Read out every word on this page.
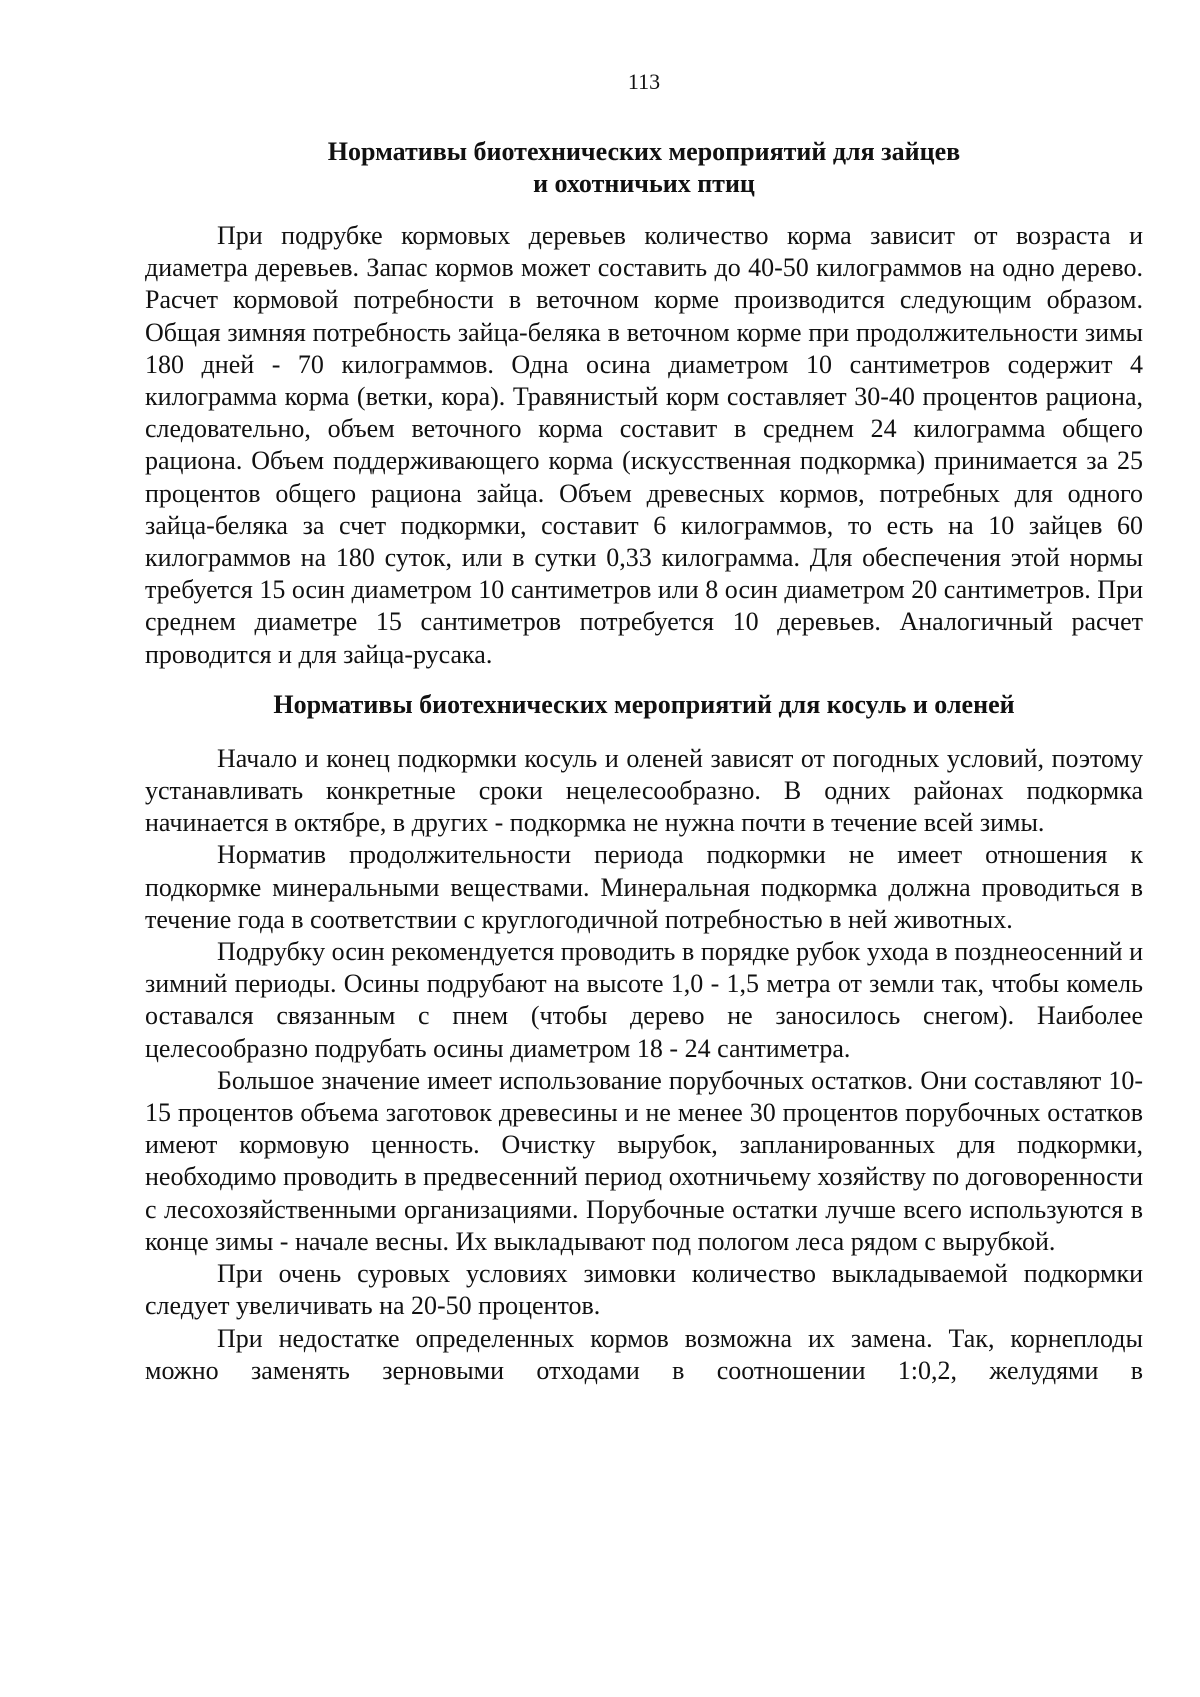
113
Нормативы биотехнических мероприятий для зайцев
и охотничьих птиц

При подрубке кормовых деревьев количество корма зависит от возраста и диаметра деревьев. Запас кормов может составить до 40-50 килограммов на одно дерево. Расчет кормовой потребности в веточном корме производится следующим образом. Общая зимняя потребность зайца-беляка в веточном корме при продолжительности зимы 180 дней - 70 килограммов. Одна осина диаметром 10 сантиметров содержит 4 килограмма корма (ветки, кора). Травянистый корм составляет 30-40 процентов рациона, следовательно, объем веточного корма составит в среднем 24 килограмма общего рациона. Объем поддерживающего корма (искусственная подкормка) принимается за 25 процентов общего рациона зайца. Объем древесных кормов, потребных для одного зайца-беляка за счет подкормки, составит 6 килограммов, то есть на 10 зайцев 60 килограммов на 180 суток, или в сутки 0,33 килограмма. Для обеспечения этой нормы требуется 15 осин диаметром 10 сантиметров или 8 осин диаметром 20 сантиметров. При среднем диаметре 15 сантиметров потребуется 10 деревьев. Аналогичный расчет проводится и для зайца-русака.

Нормативы биотехнических мероприятий для косуль и оленей

Начало и конец подкормки косуль и оленей зависят от погодных условий, поэтому устанавливать конкретные сроки нецелесообразно. В одних районах подкормка начинается в октябре, в других - подкормка не нужна почти в течение всей зимы.

Норматив продолжительности периода подкормки не имеет отношения к подкормке минеральными веществами. Минеральная подкормка должна проводиться в течение года в соответствии с круглогодичной потребностью в ней животных.

Подрубку осин рекомендуется проводить в порядке рубок ухода в позднеосенний и зимний периоды. Осины подрубают на высоте 1,0 - 1,5 метра от земли так, чтобы комель оставался связанным с пнем (чтобы дерево не заносилось снегом). Наиболее целесообразно подрубать осины диаметром 18 - 24 сантиметра.

Большое значение имеет использование порубочных остатков. Они составляют 10-15 процентов объема заготовок древесины и не менее 30 процентов порубочных остатков имеют кормовую ценность. Очистку вырубок, запланированных для подкормки, необходимо проводить в предвесенний период охотничьему хозяйству по договоренности с лесохозяйственными организациями. Порубочные остатки лучше всего используются в конце зимы - начале весны. Их выкладывают под пологом леса рядом с вырубкой.

При очень суровых условиях зимовки количество выкладываемой подкормки следует увеличивать на 20-50 процентов.

При недостатке определенных кормов возможна их замена. Так, корнеплоды можно заменять зерновыми отходами в соотношении 1:0,2, желудями в
